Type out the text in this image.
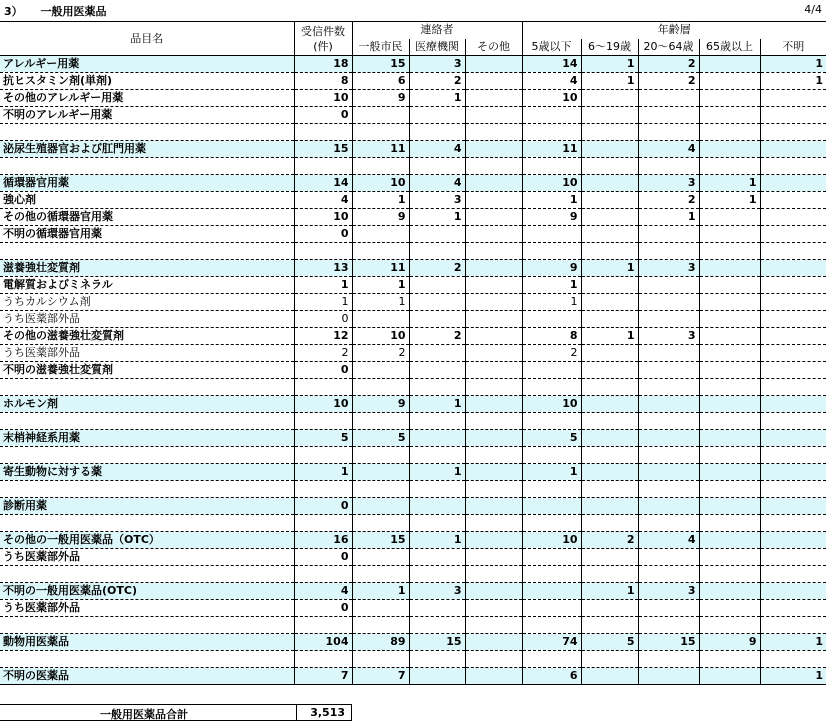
3） 一般用医薬品	4/4
品目名	受信件数
(件)	連絡者			年齢層				
		一般市民	医療機関	その他	5歳以下	6～19歳	20～64歳	65歳以上	不明
アレルギー用薬	18	15	3		14	1	2		1
抗ヒスタミン剤(単剤)	8	6	2		4	1	2		1
その他のアレルギー用薬	10	9	1		10				
不明のアレルギー用薬	0								

泌尿生殖器官および肛門用薬	15	11	4		11		4		

循環器官用薬	14	10	4		10		3	1	
強心剤	4	1	3		1		2	1	
その他の循環器官用薬	10	9	1		9		1		
不明の循環器官用薬	0								

滋養強壮変質剤	13	11	2		9	1	3		
電解質およびミネラル	1	1			1				
うちカルシウム剤	1	1			1				
うち医薬部外品	0								
その他の滋養強壮変質剤	12	10	2		8	1	3		
うち医薬部外品	2	2			2				
不明の滋養強壮変質剤	0								

ホルモン剤	10	9	1		10				

末梢神経系用薬	5	5			5				

寄生動物に対する薬	1		1		1				

診断用薬	0								

その他の一般用医薬品（OTC）	16	15	1		10	2	4		
うち医薬部外品	0								

不明の一般用医薬品(OTC)	4	1	3			1	3		
うち医薬部外品	0								

動物用医薬品	104	89	15		74	5	15	9	1

不明の医薬品	7	7			6				1
一般用医薬品合計	3,513
